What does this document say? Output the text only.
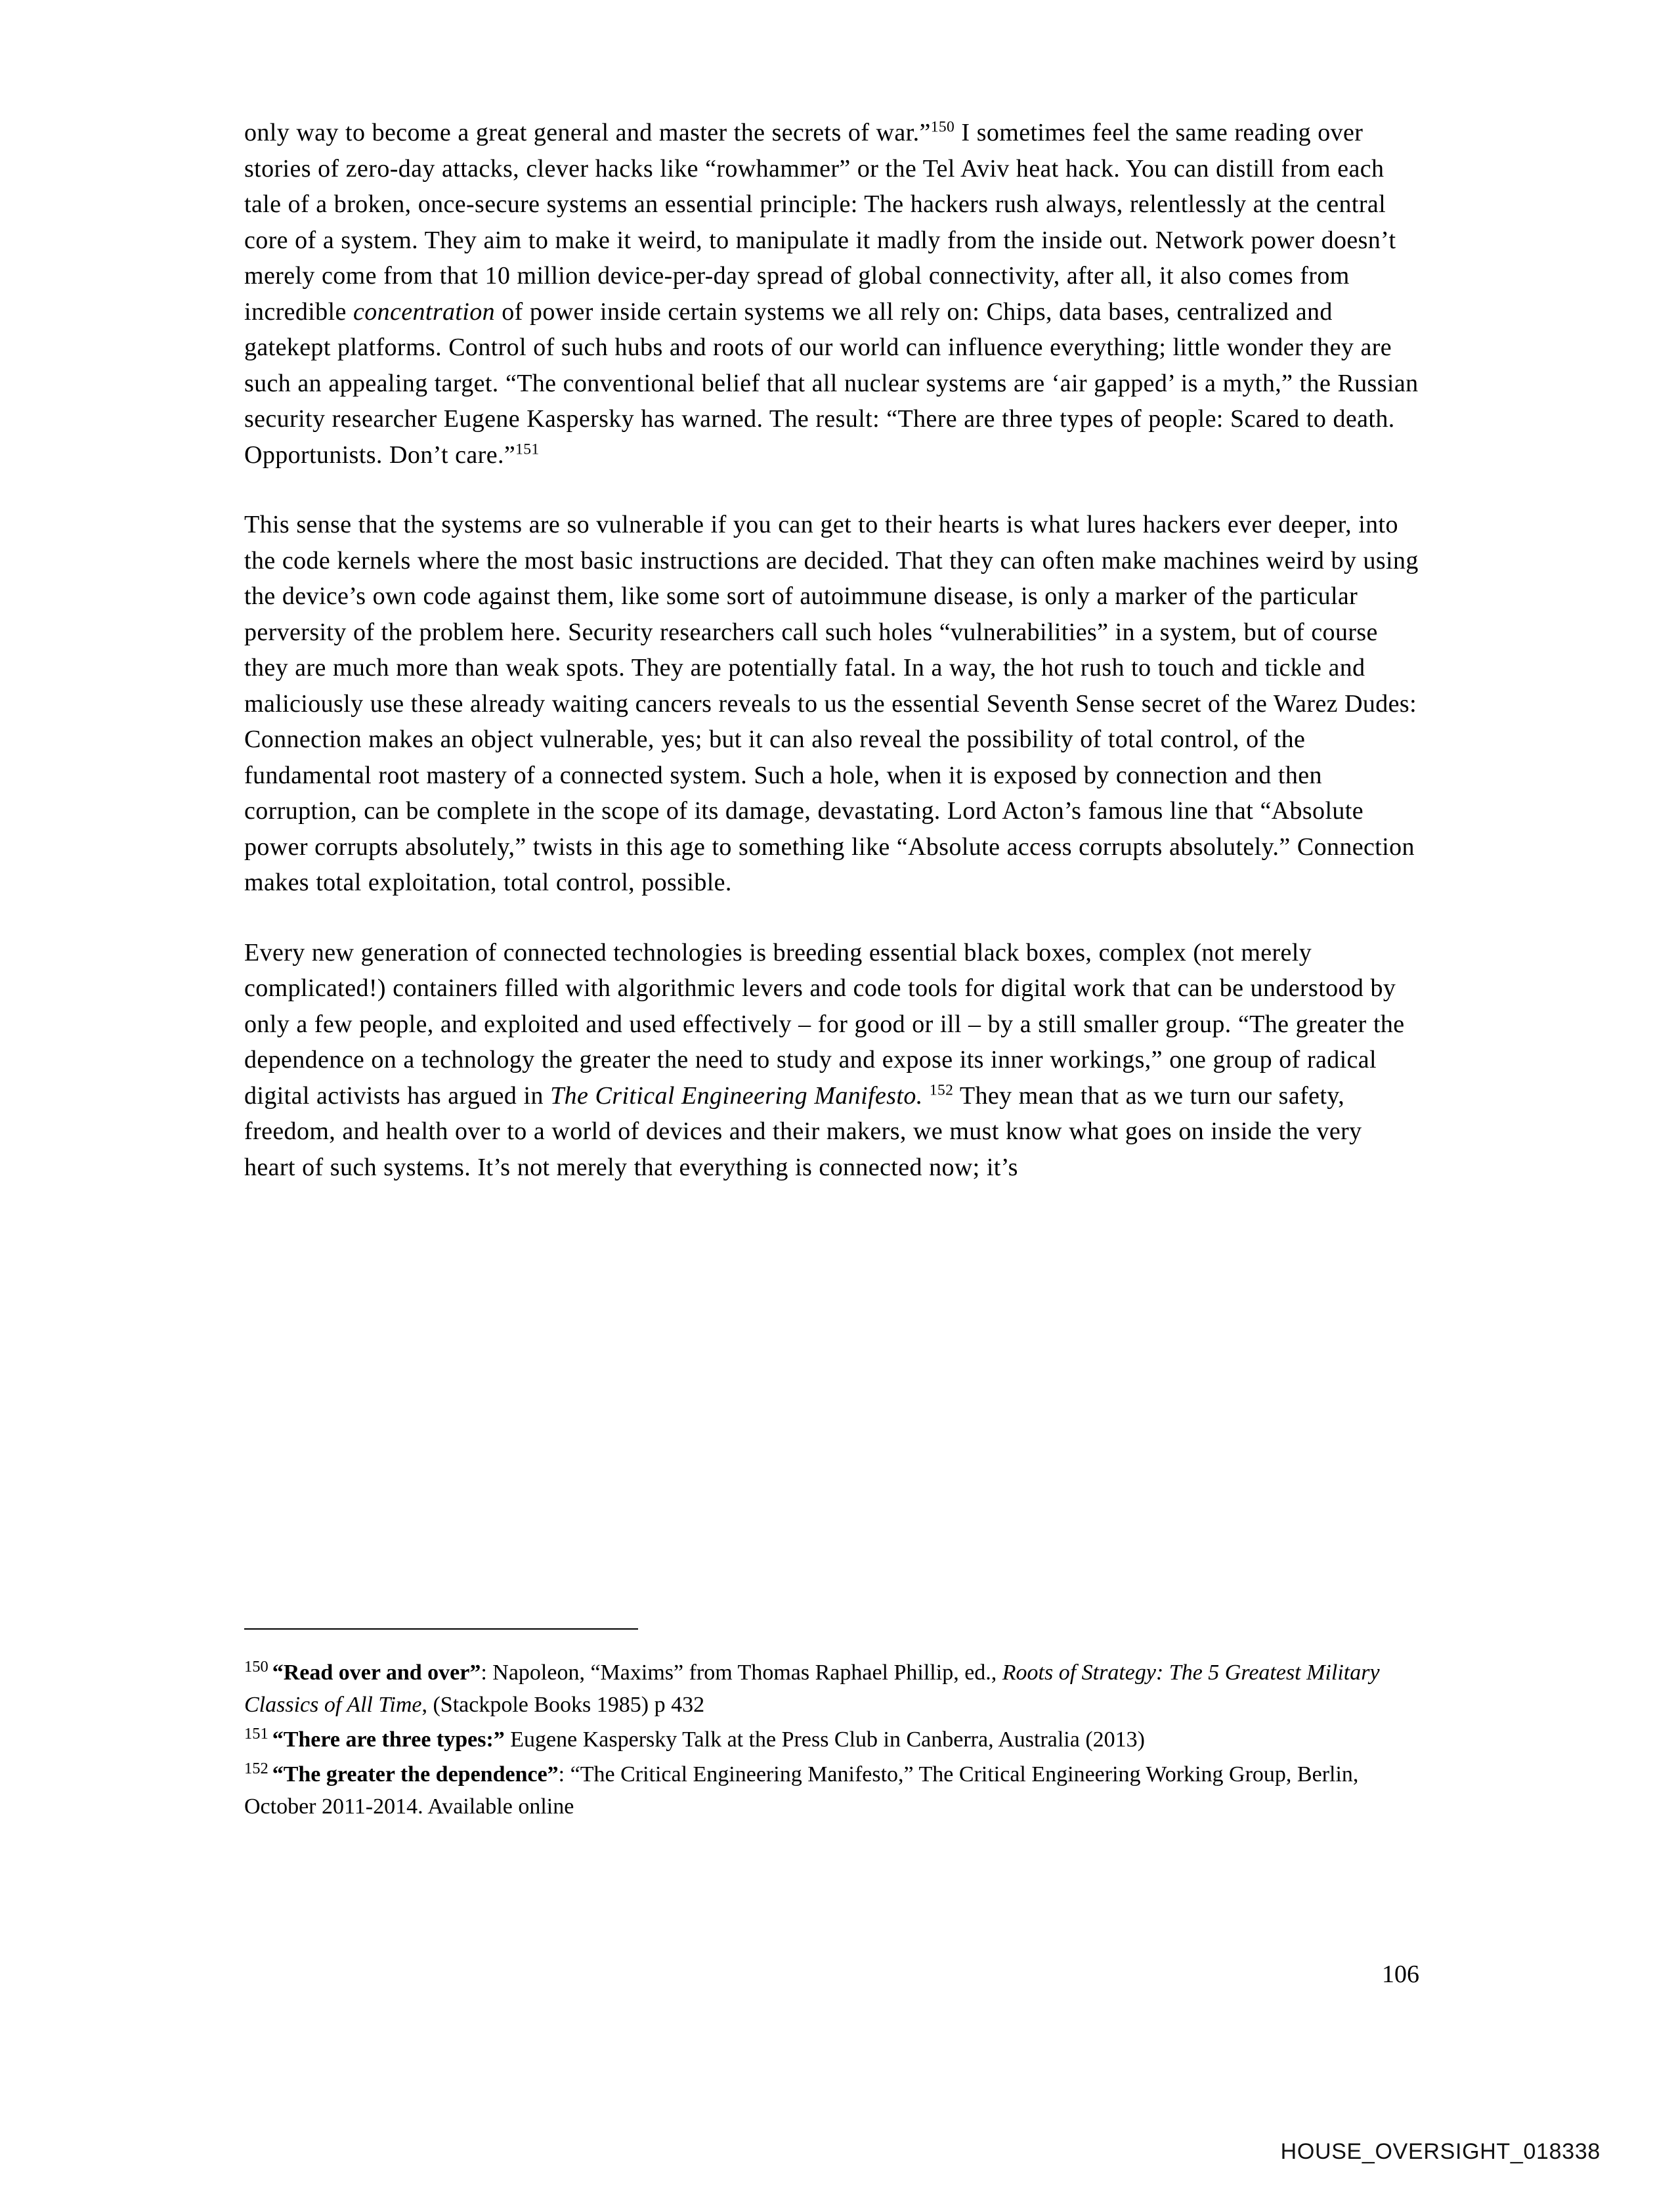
only way to become a great general and master the secrets of war.”$^{150}$ I sometimes feel the same reading over stories of zero-day attacks, clever hacks like “rowhammer” or the Tel Aviv heat hack. You can distill from each tale of a broken, once-secure systems an essential principle: The hackers rush always, relentlessly at the central core of a system. They aim to make it weird, to manipulate it madly from the inside out. Network power doesn’t merely come from that 10 million device-per-day spread of global connectivity, after all, it also comes from incredible concentration of power inside certain systems we all rely on: Chips, data bases, centralized and gatekept platforms. Control of such hubs and roots of our world can influence everything; little wonder they are such an appealing target. “The conventional belief that all nuclear systems are ‘air gapped’ is a myth,” the Russian security researcher Eugene Kaspersky has warned. The result: “There are three types of people: Scared to death. Opportunists. Don’t care.”$^{151}$

This sense that the systems are so vulnerable if you can get to their hearts is what lures hackers ever deeper, into the code kernels where the most basic instructions are decided. That they can often make machines weird by using the device’s own code against them, like some sort of autoimmune disease, is only a marker of the particular perversity of the problem here. Security researchers call such holes “vulnerabilities” in a system, but of course they are much more than weak spots. They are potentially fatal. In a way, the hot rush to touch and tickle and maliciously use these already waiting cancers reveals to us the essential Seventh Sense secret of the Warez Dudes: Connection makes an object vulnerable, yes; but it can also reveal the possibility of total control, of the fundamental root mastery of a connected system. Such a hole, when it is exposed by connection and then corruption, can be complete in the scope of its damage, devastating. Lord Acton’s famous line that “Absolute power corrupts absolutely,” twists in this age to something like “Absolute access corrupts absolutely.” Connection makes total exploitation, total control, possible.

Every new generation of connected technologies is breeding essential black boxes, complex (not merely complicated!) containers filled with algorithmic levers and code tools for digital work that can be understood by only a few people, and exploited and used effectively – for good or ill – by a still smaller group. “The greater the dependence on a technology the greater the need to study and expose its inner workings,” one group of radical digital activists has argued in The Critical Engineering Manifesto. $^{152}$ They mean that as we turn our safety, freedom, and health over to a world of devices and their makers, we must know what goes on inside the very heart of such systems. It’s not merely that everything is connected now; it’s

$^{150}$ “Read over and over”: Napoleon, “Maxims” from Thomas Raphael Phillip, ed., Roots of Strategy: The 5 Greatest Military Classics of All Time, (Stackpole Books 1985) p 432

$^{151}$ “There are three types:” Eugene Kaspersky Talk at the Press Club in Canberra, Australia (2013)

$^{152}$ “The greater the dependence”: “The Critical Engineering Manifesto,” The Critical Engineering Working Group, Berlin, October 2011-2014. Available online

106
HOUSE_OVERSIGHT_018338
